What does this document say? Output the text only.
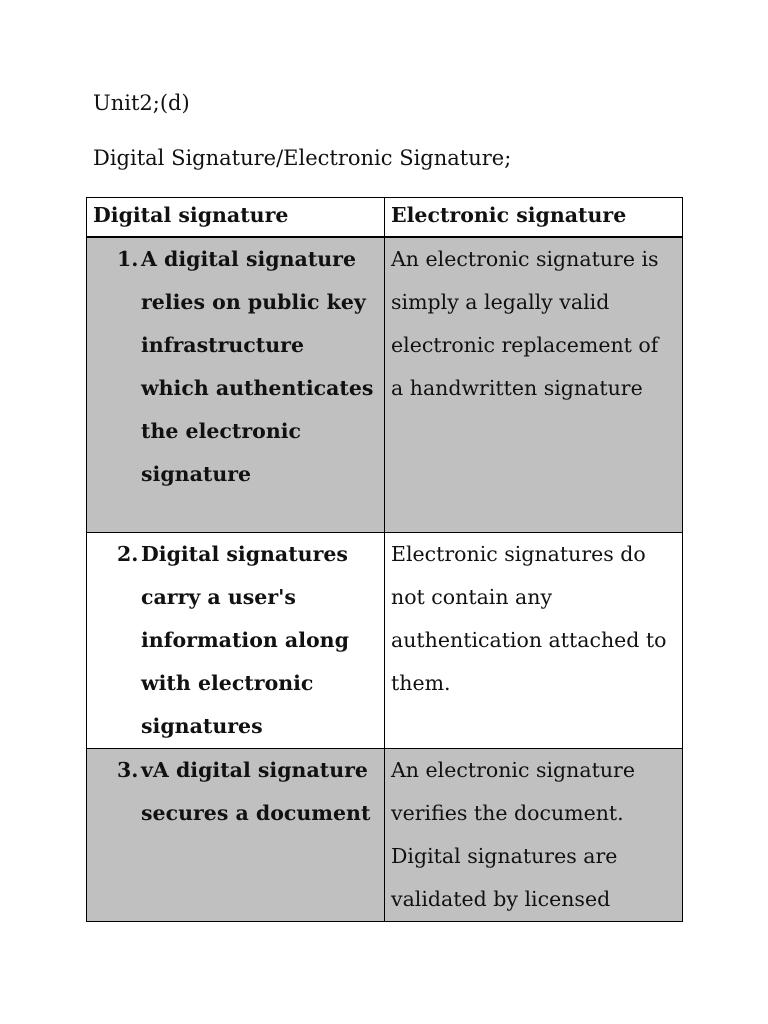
Unit2;(d)
Digital Signature/Electronic Signature;
Digital signature	Electronic signature

1. A digital signature relies on public key infrastructure which authenticates the electronic signature	An electronic signature is simply a legally valid electronic replacement of a handwritten signature

2. Digital signatures carry a user's information along with electronic signatures	Electronic signatures do not contain any authentication attached to them.

3. vA digital signature secures a document	An electronic signature verifies the document. Digital signatures are validated by licensed
